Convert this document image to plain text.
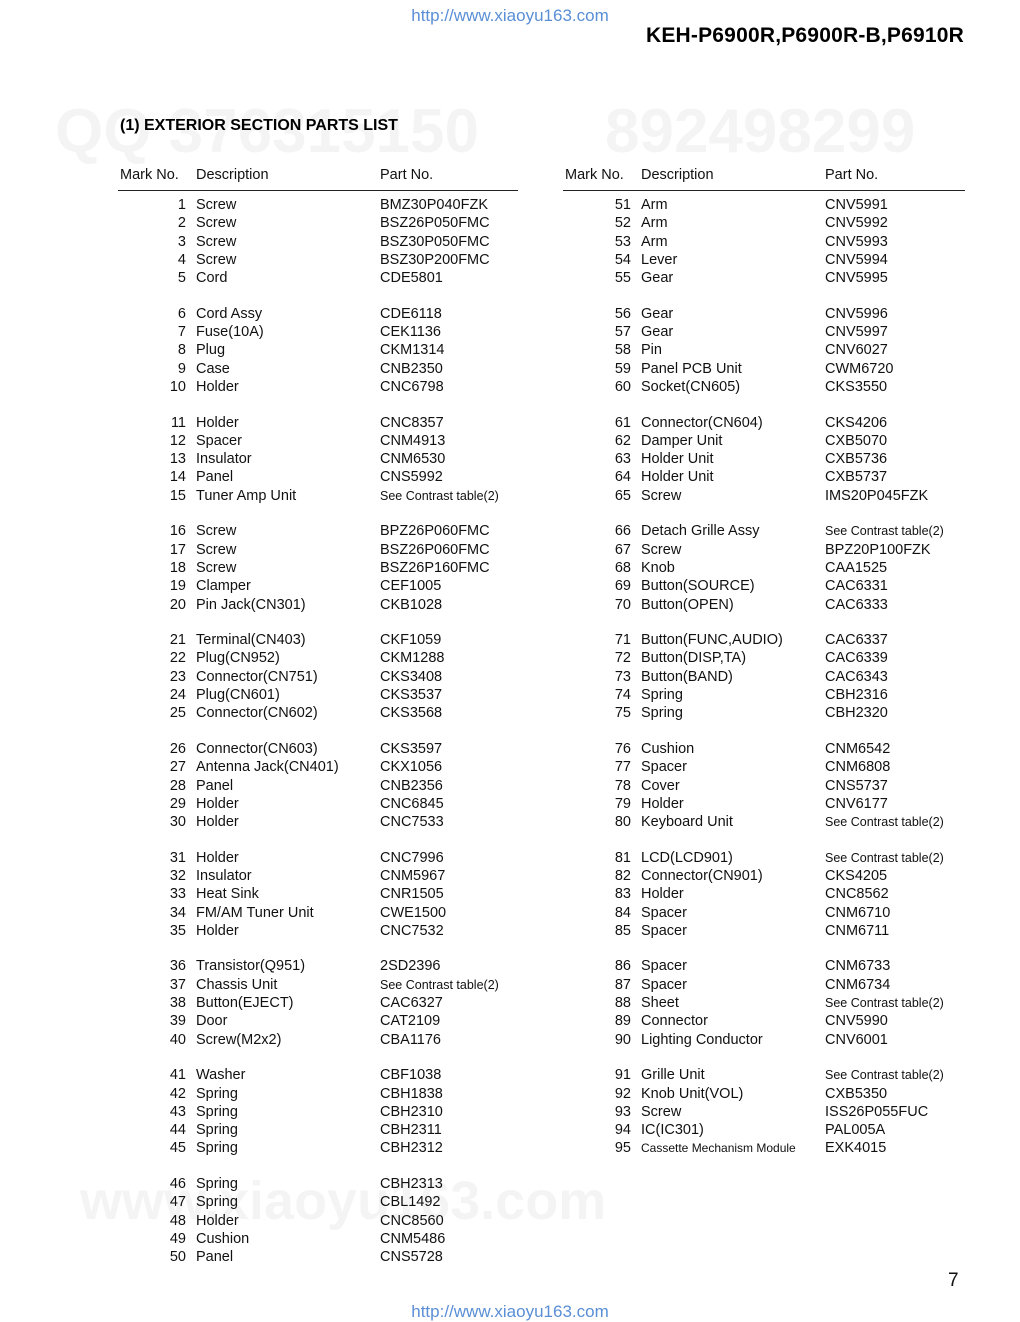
http://www.xiaoyu163.com
KEH-P6900R,P6900R-B,P6910R
(1) EXTERIOR SECTION PARTS LIST
Mark No. Description	Part No.
1 Screw	BMZ30P040FZK
2 Screw	BSZ26P050FMC
3 Screw	BSZ30P050FMC
4 Screw	BSZ30P200FMC
5 Cord	CDE5801
6 Cord Assy	CDE6118
7 Fuse(10A)	CEK1136
8 Plug	CKM1314
9 Case	CNB2350
10 Holder	CNC6798
11 Holder	CNC8357
12 Spacer	CNM4913
13 Insulator	CNM6530
14 Panel	CNS5992
15 Tuner Amp Unit	See Contrast table(2)
16 Screw	BPZ26P060FMC
17 Screw	BSZ26P060FMC
18 Screw	BSZ26P160FMC
19 Clamper	CEF1005
20 Pin Jack(CN301)	CKB1028
21 Terminal(CN403)	CKF1059
22 Plug(CN952)	CKM1288
23 Connector(CN751)	CKS3408
24 Plug(CN601)	CKS3537
25 Connector(CN602)	CKS3568
26 Connector(CN603)	CKS3597
27 Antenna Jack(CN401)	CKX1056
28 Panel	CNB2356
29 Holder	CNC6845
30 Holder	CNC7533
31 Holder	CNC7996
32 Insulator	CNM5967
33 Heat Sink	CNR1505
34 FM/AM Tuner Unit	CWE1500
35 Holder	CNC7532
36 Transistor(Q951)	2SD2396
37 Chassis Unit	See Contrast table(2)
38 Button(EJECT)	CAC6327
39 Door	CAT2109
40 Screw(M2x2)	CBA1176
41 Washer	CBF1038
42 Spring	CBH1838
43 Spring	CBH2310
44 Spring	CBH2311
45 Spring	CBH2312
46 Spring	CBH2313
47 Spring	CBL1492
48 Holder	CNC8560
49 Cushion	CNM5486
50 Panel	CNS5728
Mark No. Description	Part No.
51 Arm	CNV5991
52 Arm	CNV5992
53 Arm	CNV5993
54 Lever	CNV5994
55 Gear	CNV5995
56 Gear	CNV5996
57 Gear	CNV5997
58 Pin	CNV6027
59 Panel PCB Unit	CWM6720
60 Socket(CN605)	CKS3550
61 Connector(CN604)	CKS4206
62 Damper Unit	CXB5070
63 Holder Unit	CXB5736
64 Holder Unit	CXB5737
65 Screw	IMS20P045FZK
66 Detach Grille Assy	See Contrast table(2)
67 Screw	BPZ20P100FZK
68 Knob	CAA1525
69 Button(SOURCE)	CAC6331
70 Button(OPEN)	CAC6333
71 Button(FUNC,AUDIO)	CAC6337
72 Button(DISP,TA)	CAC6339
73 Button(BAND)	CAC6343
74 Spring	CBH2316
75 Spring	CBH2320
76 Cushion	CNM6542
77 Spacer	CNM6808
78 Cover	CNS5737
79 Holder	CNV6177
80 Keyboard Unit	See Contrast table(2)
81 LCD(LCD901)	See Contrast table(2)
82 Connector(CN901)	CKS4205
83 Holder	CNC8562
84 Spacer	CNM6710
85 Spacer	CNM6711
86 Spacer	CNM6733
87 Spacer	CNM6734
88 Sheet	See Contrast table(2)
89 Connector	CNV5990
90 Lighting Conductor	CNV6001
91 Grille Unit	See Contrast table(2)
92 Knob Unit(VOL)	CXB5350
93 Screw	ISS26P055FUC
94 IC(IC301)	PAL005A
95 Cassette Mechanism Module EXK4015
7
http://www.xiaoyu163.com
